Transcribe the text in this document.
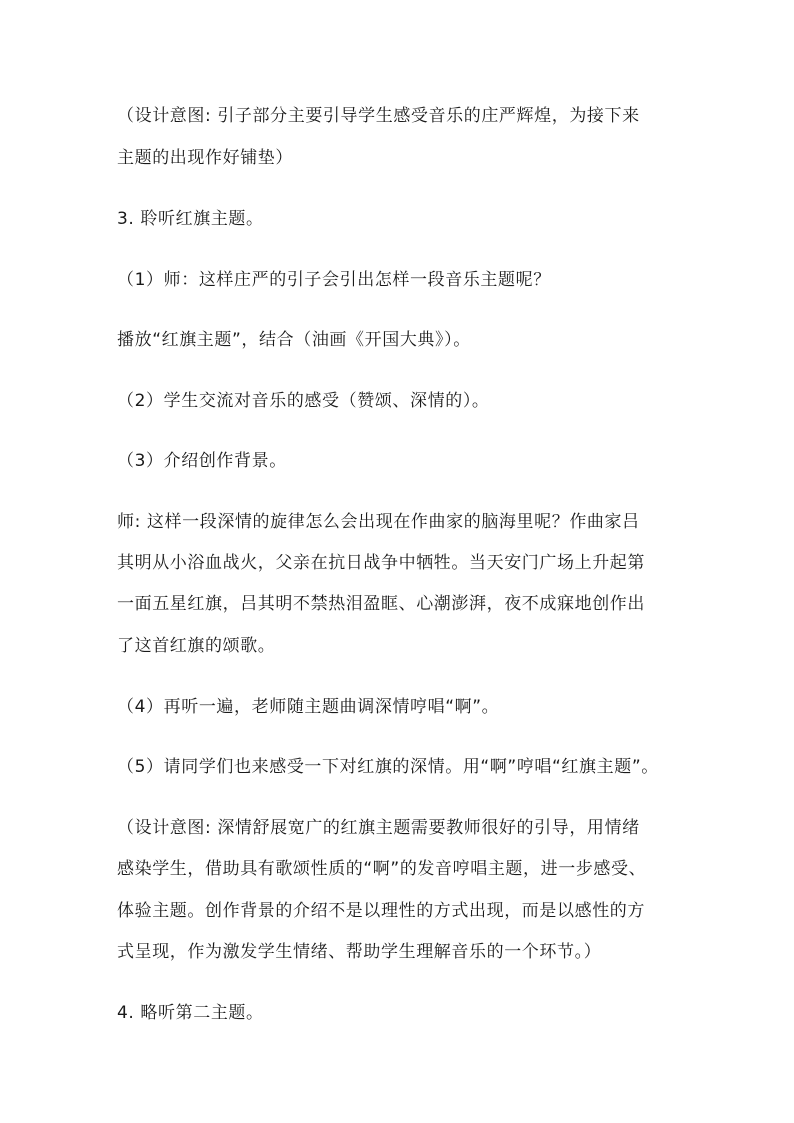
（设计意图: 引子部分主要引导学生感受音乐的庄严辉煌，为接下来
主题的出现作好铺垫）
3. 聆听红旗主题。
（1）师：这样庄严的引子会引出怎样一段音乐主题呢？
播放“红旗主题”，结合（油画《开国大典》）。
（2）学生交流对音乐的感受（赞颂、深情的）。
（3）介绍创作背景。
师: 这样一段深情的旋律怎么会出现在作曲家的脑海里呢？作曲家吕
其明从小浴血战火，父亲在抗日战争中牺牲。当天安门广场上升起第
一面五星红旗，吕其明不禁热泪盈眶、心潮澎湃，夜不成寐地创作出
了这首红旗的颂歌。
（4）再听一遍，老师随主题曲调深情哼唱“啊”。
（5）请同学们也来感受一下对红旗的深情。用“啊”哼唱“红旗主题”。
（设计意图: 深情舒展宽广的红旗主题需要教师很好的引导，用情绪
感染学生，借助具有歌颂性质的“啊”的发音哼唱主题，进一步感受、
体验主题。创作背景的介绍不是以理性的方式出现，而是以感性的方
式呈现，作为激发学生情绪、帮助学生理解音乐的一个环节。）
4. 略听第二主题。
